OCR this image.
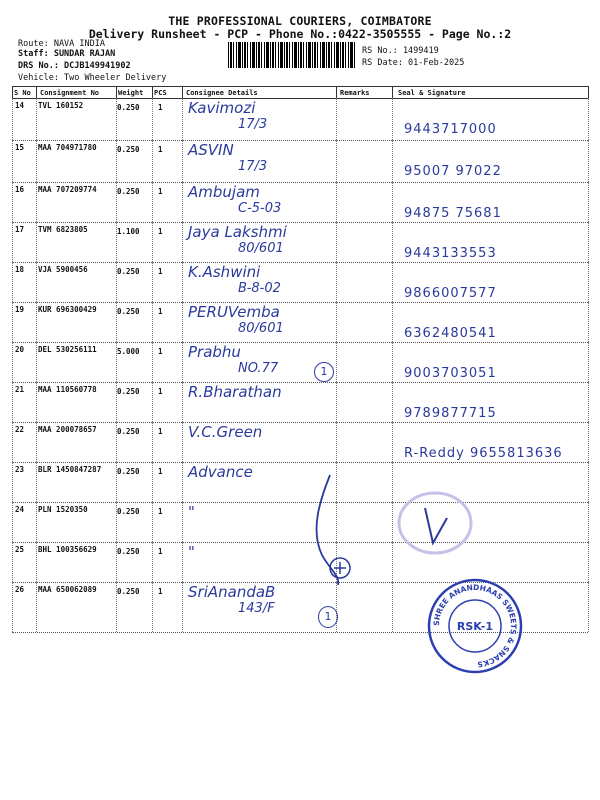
THE PROFESSIONAL COURIERS, COIMBATORE
Delivery Runsheet - PCP - Phone No.:0422-3505555 - Page No.:2
Route: NAVA INDIA
Staff: SUNDAR RAJAN
DRS No.: DCJB149941902
Vehicle: Two Wheeler Delivery
RS No.: 1499419
RS Date: 01-Feb-2025
S No Consignment No	Weight PCS	Consignee Details	Remarks	Seal & Signature
14 TVL 160152	0.250 1 Kavimozi
17/3	9443717000
15 MAA 704971780	0.250 1 ASVIN
17/3	95007 97022
16 MAA 707209774	0.250 1 Ambujam
C-5-03	94875 75681
17 TVM 6823805	1.100 1 Jaya Lakshmi
80/601	9443133553
18 VJA 5900456	0.250 1 K.Ashwini
B-8-02	9866007577
19 KUR 696300429	0.250 1 PERUVemba
80/601	6362480541
20 DEL 530256111	5.000 1 Prabhu
NO.77	9003703051
21 MAA 110560778	0.250 1 R.Bharathan
9789877715
22 MAA 200078657	0.250 1 V.C.Green
R-Reddy 9655813636
23 BLR 1450847287 0.250 1 Advance
24 PLN 1520350	0.250 1 "
25 BHL 100356629	0.250 1 "
26 MAA 650062089	0.250 1 SriAnandaB
143/F
1
1
SHREE ANANDHAAS SWEETS & SNACKS
RSK-1
